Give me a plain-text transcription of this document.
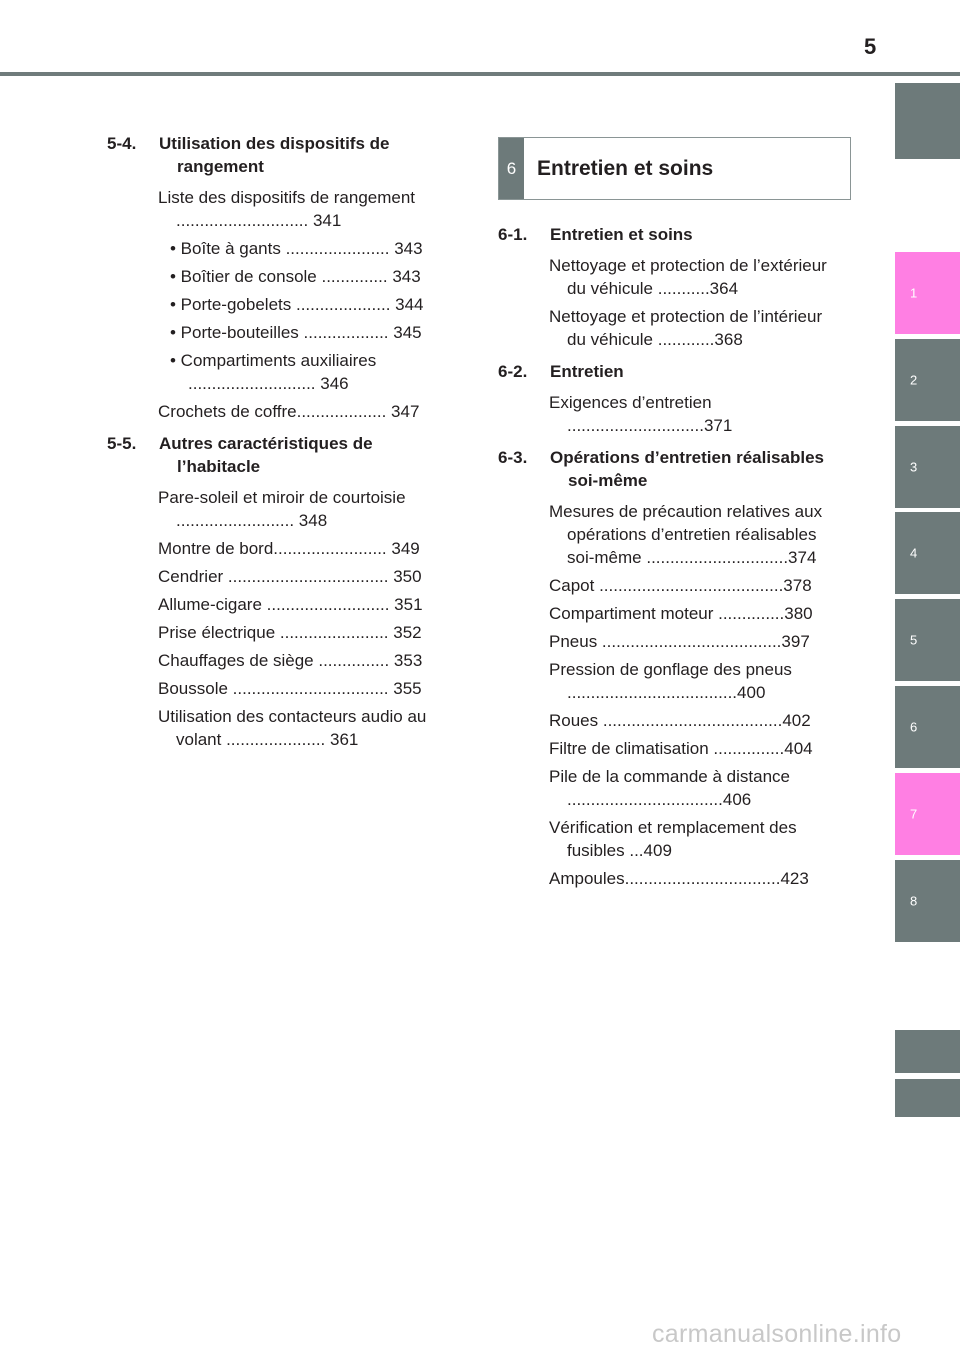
5
1
2
3
4
5
6
7
8
5-4.	Utilisation des dispositifs de rangement
Liste des dispositifs de rangement ............................ 341
• Boîte à gants ...................... 343
• Boîtier de console .............. 343
• Porte-gobelets .................... 344
• Porte-bouteilles .................. 345
• Compartiments auxiliaires ........................... 346
Crochets de coffre................... 347
5-5.	Autres caractéristiques de l’habitacle
Pare-soleil et miroir de courtoisie ......................... 348
Montre de bord........................ 349
Cendrier .................................. 350
Allume-cigare .......................... 351
Prise électrique ....................... 352
Chauffages de siège ............... 353
Boussole ................................. 355
Utilisation des contacteurs audio au volant ..................... 361
6 Entretien et soins
6-1.	Entretien et soins
Nettoyage et protection de l’extérieur du véhicule ...........364
Nettoyage et protection de l’intérieur du véhicule ............368
6-2.	Entretien
Exigences d’entretien .............................371
6-3.	Opérations d’entretien réalisables soi-même
Mesures de précaution relatives aux opérations d’entretien réalisables soi-même ..............................374
Capot .......................................378
Compartiment moteur ..............380
Pneus ......................................397
Pression de gonflage des pneus ....................................400
Roues ......................................402
Filtre de climatisation ...............404
Pile de la commande à distance .................................406
Vérification et remplacement des fusibles ...409
Ampoules.................................423
carmanualsonline.info
